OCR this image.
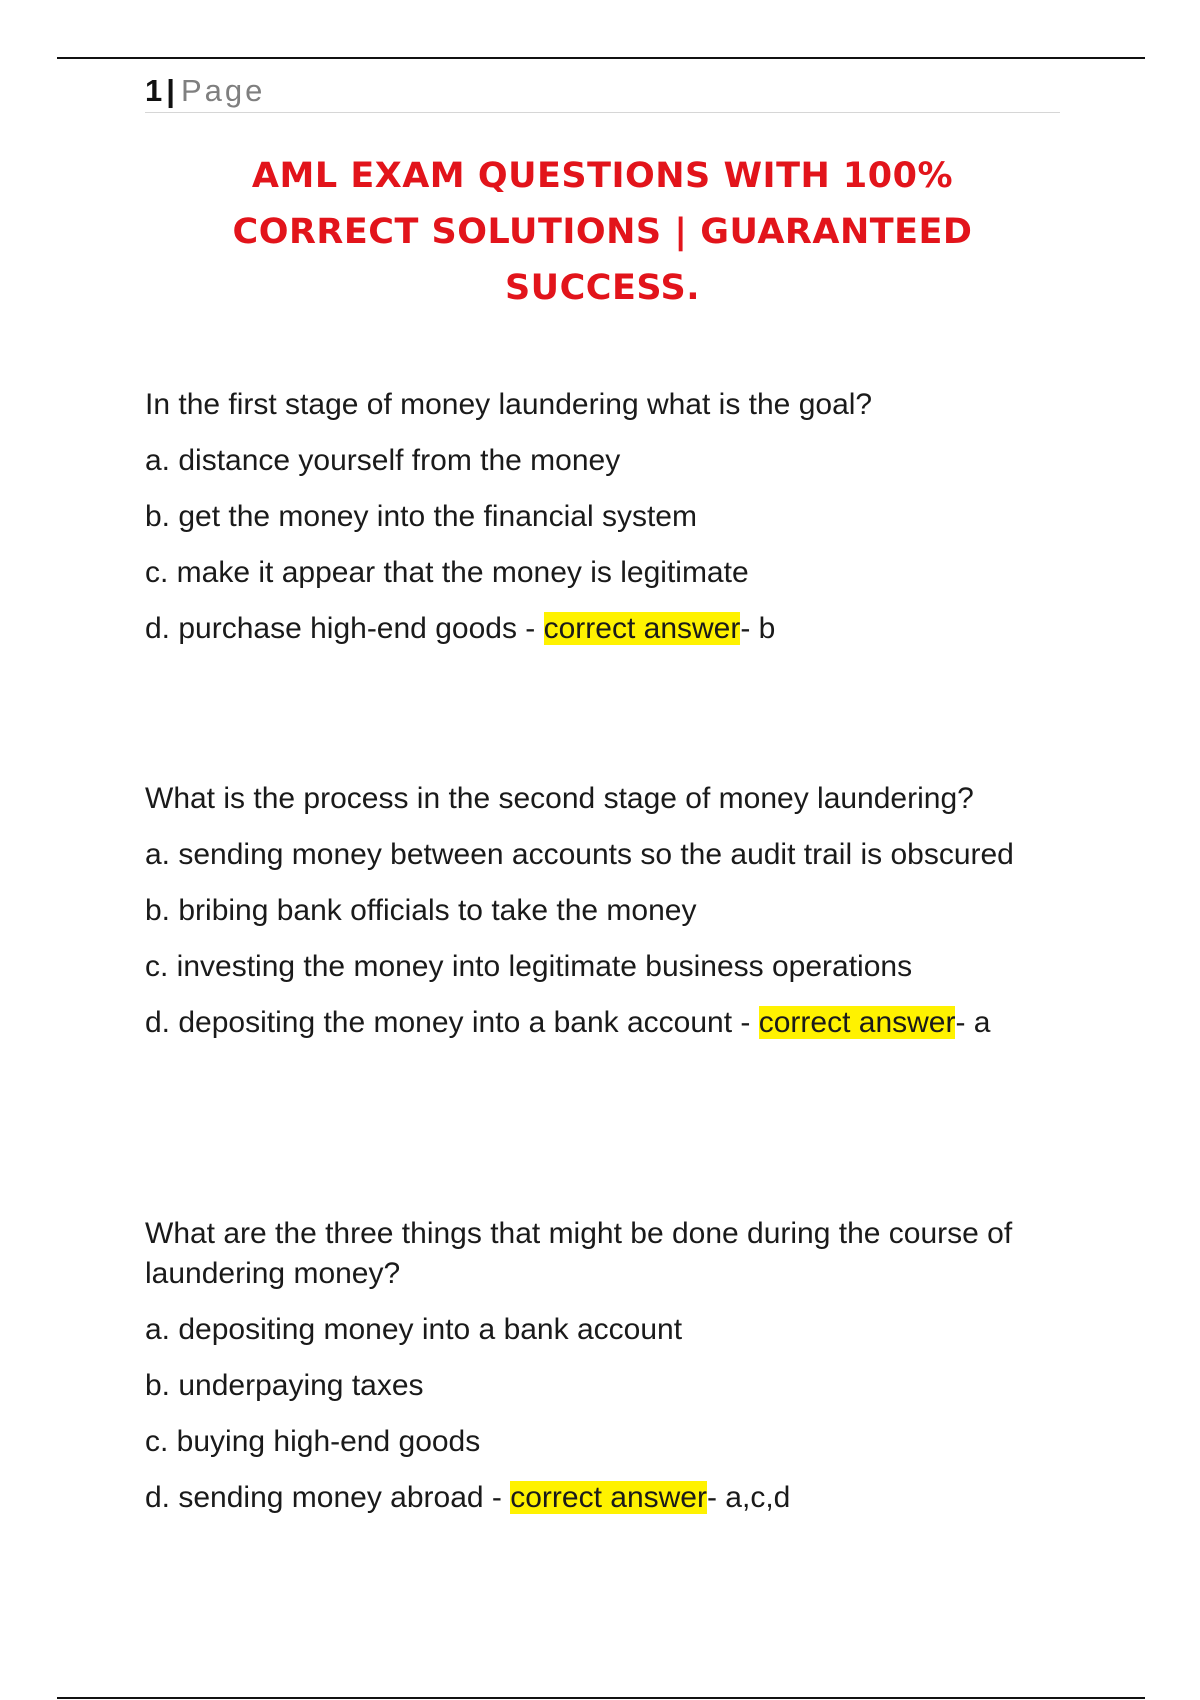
1 | Page
AML EXAM QUESTIONS WITH 100%
CORRECT SOLUTIONS | GUARANTEED
SUCCESS.

In the first stage of money laundering what is the goal?

a. distance yourself from the money

b. get the money into the financial system

c. make it appear that the money is legitimate

d. purchase high-end goods - correct answer- b

What is the process in the second stage of money laundering?

a. sending money between accounts so the audit trail is obscured

b. bribing bank officials to take the money

c. investing the money into legitimate business operations

d. depositing the money into a bank account - correct answer- a

What are the three things that might be done during the course of laundering money?

a. depositing money into a bank account

b. underpaying taxes

c. buying high-end goods

d. sending money abroad - correct answer- a,c,d
